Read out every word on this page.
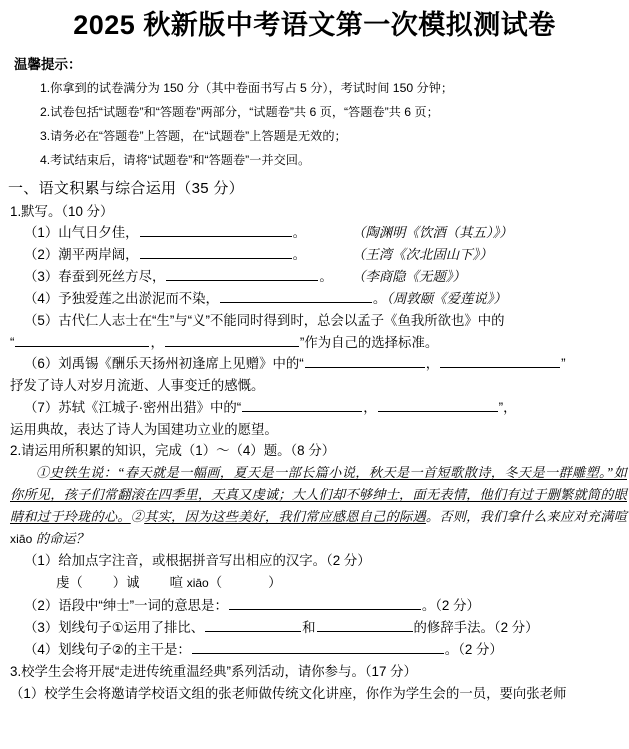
2025 秋新版中考语文第一次模拟测试卷
温馨提示：
1.你拿到的试卷满分为 150 分（其中卷面书写占 5 分），考试时间 150 分钟；
2.试卷包括“试题卷”和“答题卷”两部分，“试题卷”共 6 页，“答题卷”共 6 页；
3.请务必在“答题卷”上答题，在“试题卷”上答题是无效的；
4.考试结束后，请将“试题卷”和“答题卷”一并交回。
一、语文积累与综合运用（35 分）
1.默写。（10 分）
（1）山气日夕佳，	。	（陶渊明《饮酒（其五）》）
（2）潮平两岸阔，	。	（王湾《次北固山下》）
（3）春蚕到死丝方尽，	。 （李商隐《无题》）
（4）予独爱莲之出淤泥而不染，	。（周敦颐《爱莲说》）
（5）古代仁人志士在“生”与“义”不能同时得到时，总会以孟子《鱼我所欲也》中的
“	，	”作为自己的选择标准。
（6）刘禹锡《酬乐天扬州初逢席上见赠》中的“	，	”
抒发了诗人对岁月流逝、人事变迁的感慨。
（7）苏轼《江城子·密州出猎》中的“	，	”，
运用典故，表达了诗人为国建功立业的愿望。
2.请运用所积累的知识，完成（1）～（4）题。（8 分）
①史铁生说：“春天就是一幅画，夏天是一部长篇小说，秋天是一首短歌散诗，冬天是一群雕塑。”如你所见，孩子们常翻滚在四季里，天真又虔诚；大人们却不够绅士，面无表情，他们有过于删繁就简的眼睛和过于玲珑的心。②其实，因为这些美好，我们常应感恩自己的际遇。否则，我们拿什么来应对充满喧 xiāo 的命运？
（1）给加点字注音，或根据拼音写出相应的汉字。（2 分）
虔（ ）诚 喧 xiāo（	）
（2）语段中“绅士”一词的意思是：	。（2 分）
（3）划线句子①运用了排比、	和	的修辞手法。（2 分）
（4）划线句子②的主干是：	。（2 分）
3.校学生会将开展“走进传统重温经典”系列活动，请你参与。（17 分）
（1）校学生会将邀请学校语文组的张老师做传统文化讲座，你作为学生会的一员，要向张老师
